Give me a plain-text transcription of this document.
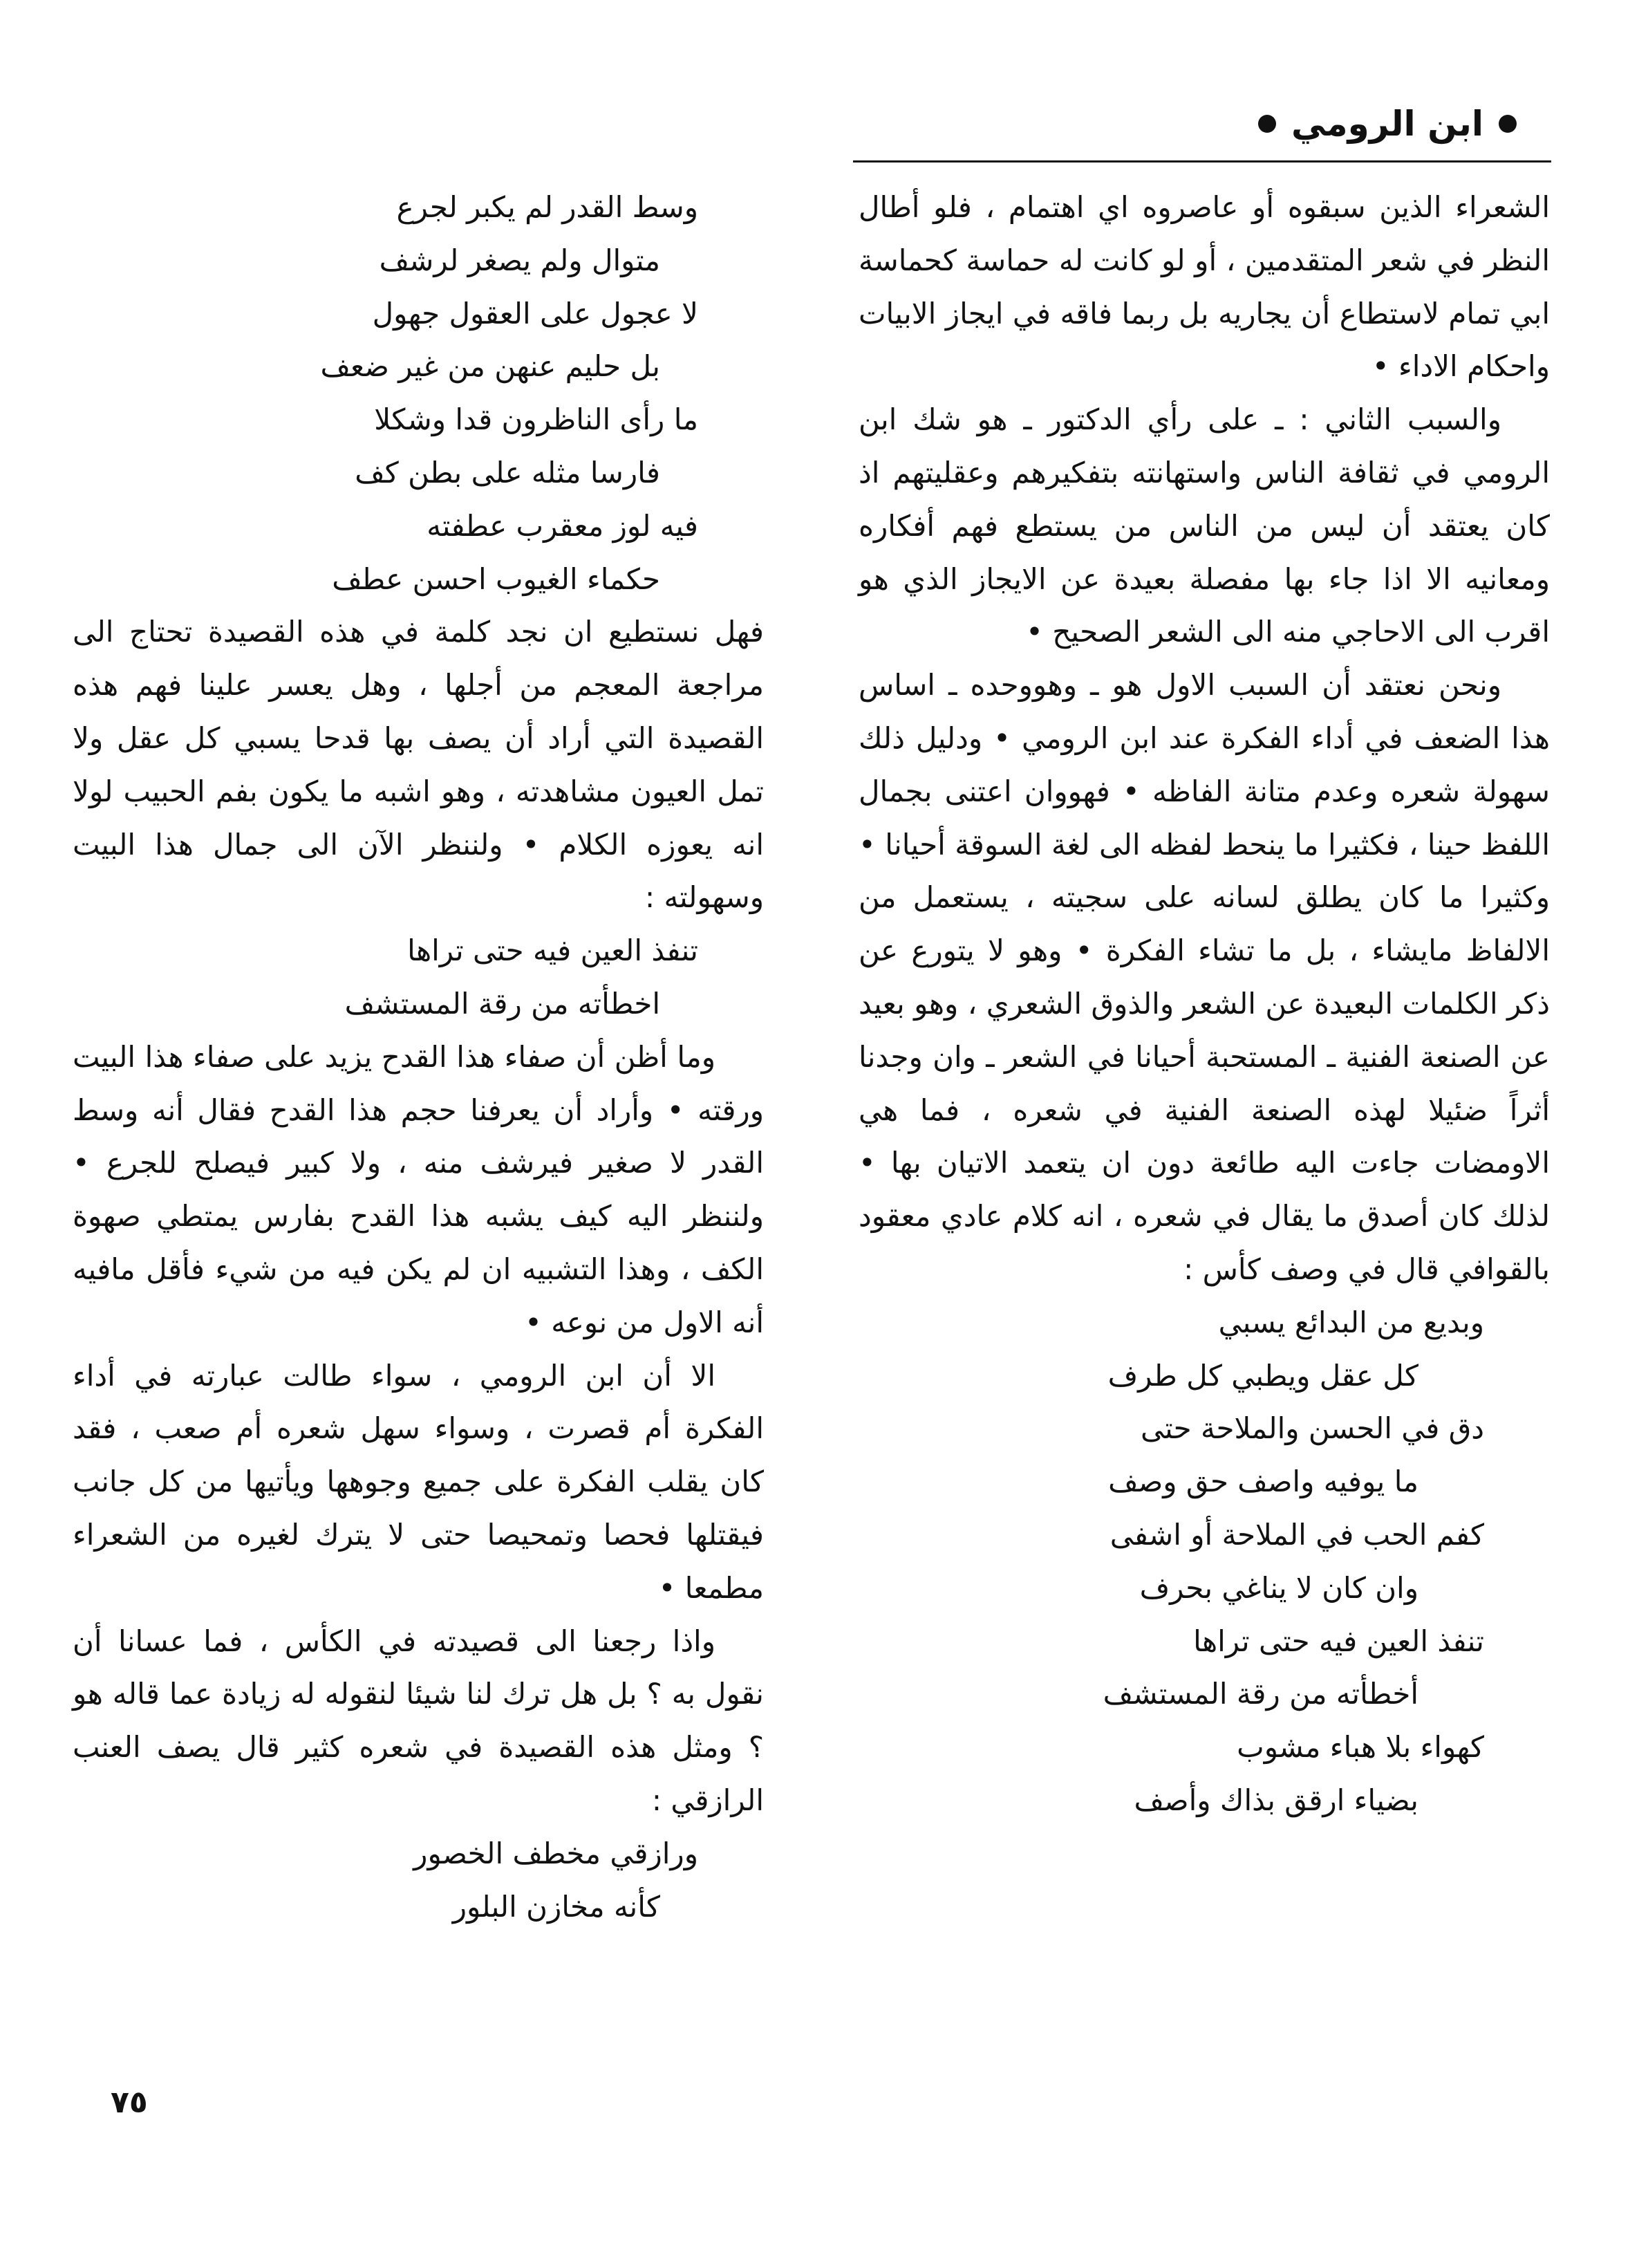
ابن الرومي

الشعراء الذين سبقوه أو عاصروه اي اهتمام ، فلو أطال النظر في شعر المتقدمين ، أو لو كانت له حماسة كحماسة ابي تمام لاستطاع أن يجاريه بل ربما فاقه في ايجاز الابيات واحكام الاداء •

والسبب الثاني : ـ على رأي الدكتور ـ هو شك ابن الرومي في ثقافة الناس واستهانته بتفكيرهم وعقليتهم اذ كان يعتقد أن ليس من الناس من يستطع فهم أفكاره ومعانيه الا اذا جاء بها مفصلة بعيدة عن الايجاز الذي هو اقرب الى الاحاجي منه الى الشعر الصحيح •

ونحن نعتقد أن السبب الاول هو ـ وهووحده ـ اساس هذا الضعف في أداء الفكرة عند ابن الرومي • ودليل ذلك سهولة شعره وعدم متانة الفاظه • فهووان اعتنى بجمال اللفظ حينا ، فكثيرا ما ينحط لفظه الى لغة السوقة أحيانا • وكثيرا ما كان يطلق لسانه على سجيته ، يستعمل من الالفاظ مايشاء ، بل ما تشاء الفكرة • وهو لا يتورع عن ذكر الكلمات البعيدة عن الشعر والذوق الشعري ، وهو بعيد عن الصنعة الفنية ـ المستحبة أحيانا في الشعر ـ وان وجدنا أثراً ضئيلا لهذه الصنعة الفنية في شعره ، فما هي الاومضات جاءت اليه طائعة دون ان يتعمد الاتيان بها • لذلك كان أصدق ما يقال في شعره ، انه كلام عادي معقود بالقوافي قال في وصف كأس :

وبديع من البدائع يسبي

كل عقل ويطبي كل طرف

دق في الحسن والملاحة حتى

ما يوفيه واصف حق وصف

كفم الحب في الملاحة أو اشفى

وان كان لا يناغي بحرف

تنفذ العين فيه حتى تراها

أخطأته من رقة المستشف

كهواء بلا هباء مشوب

بضياء ارقق بذاك وأصف

وسط القدر لم يكبر لجرع

متوال ولم يصغر لرشف

لا عجول على العقول جهول

بل حليم عنهن من غير ضعف

ما رأى الناظرون قدا وشكلا

فارسا مثله على بطن كف

فيه لوز معقرب عطفته

حكماء الغيوب احسن عطف

فهل نستطيع ان نجد كلمة في هذه القصيدة تحتاج الى مراجعة المعجم من أجلها ، وهل يعسر علينا فهم هذه القصيدة التي أراد أن يصف بها قدحا يسبي كل عقل ولا تمل العيون مشاهدته ، وهو اشبه ما يكون بفم الحبيب لولا انه يعوزه الكلام • ولننظر الآن الى جمال هذا البيت وسهولته :

تنفذ العين فيه حتى تراها

اخطأته من رقة المستشف

وما أظن أن صفاء هذا القدح يزيد على صفاء هذا البيت ورقته • وأراد أن يعرفنا حجم هذا القدح فقال أنه وسط القدر لا صغير فيرشف منه ، ولا كبير فيصلح للجرع • ولننظر اليه كيف يشبه هذا القدح بفارس يمتطي صهوة الكف ، وهذا التشبيه ان لم يكن فيه من شيء فأقل مافيه أنه الاول من نوعه •

الا أن ابن الرومي ، سواء طالت عبارته في أداء الفكرة أم قصرت ، وسواء سهل شعره أم صعب ، فقد كان يقلب الفكرة على جميع وجوهها ويأتيها من كل جانب فيقتلها فحصا وتمحيصا حتى لا يترك لغيره من الشعراء مطمعا •

واذا رجعنا الى قصيدته في الكأس ، فما عسانا أن نقول به ؟ بل هل ترك لنا شيئا لنقوله له زيادة عما قاله هو ؟ ومثل هذه القصيدة في شعره كثير قال يصف العنب الرازقي :

ورازقي مخطف الخصور

كأنه مخازن البلور

٧٥
